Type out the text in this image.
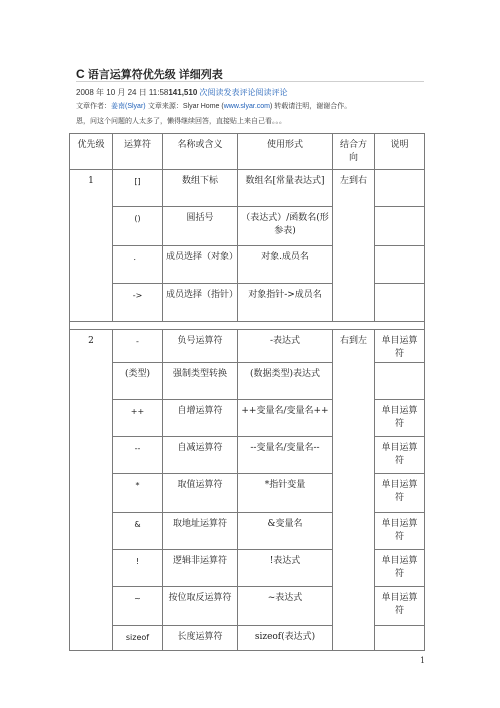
C 语言运算符优先级 详细列表
2008 年 10 月 24 日 11:58141,510 次阅读发表评论阅读评论
文章作者：姜南(Slyar) 文章来源：Slyar Home (www.slyar.com) 转载请注明，谢谢合作。
恩，问这个问题的人太多了，懒得继续回答，直接贴上来自己看。。。
优先级	运算符	名称或含义	使用形式	结合方向	说明
1	[]	数组下标	数组名[常量表达式]	左到右	
	()	圆括号	（表达式）/函数名(形参表)		
	．	成员选择（对象）	对象.成员名		
	->	成员选择（指针）	对象指针->成员名		

2	-	负号运算符	-表达式	右到左	单目运算符
	(类型)	强制类型转换	(数据类型)表达式		
	++	自增运算符	++变量名/变量名++		单目运算符
	--	自减运算符	--变量名/变量名--		单目运算符
	*	取值运算符	*指针变量		单目运算符
	&	取地址运算符	&变量名		单目运算符
	!	逻辑非运算符	!表达式		单目运算符
	~	按位取反运算符	~表达式		单目运算符
	sizeof	长度运算符	sizeof(表达式)		
1
